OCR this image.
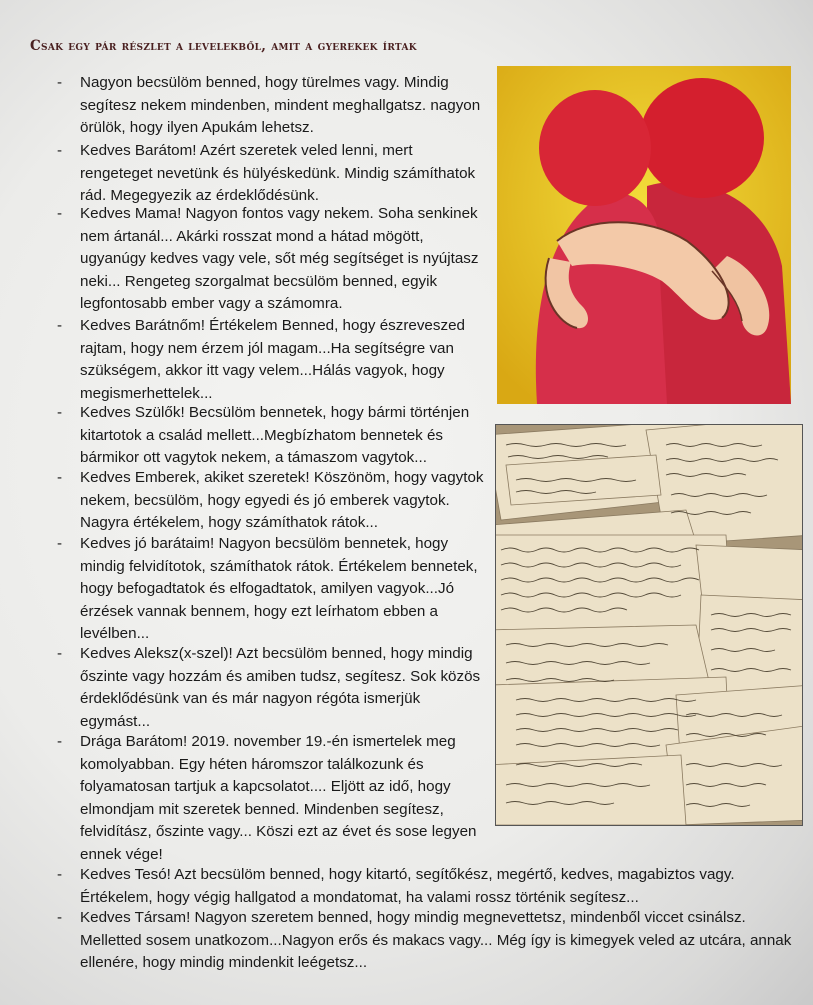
Csak egy pár részlet a levelekből, amit a gyerekek írtak
- Nagyon becsülöm benned, hogy türelmes vagy. Mindig segítesz nekem mindenben, mindent meghallgatsz. nagyon örülök, hogy ilyen Apukám lehetsz.
- Kedves Barátom! Azért szeretek veled lenni, mert rengeteget nevetünk és hülyéskedünk. Mindig számíthatok rád. Megegyezik az érdeklődésünk.
- Kedves Mama! Nagyon fontos vagy nekem. Soha senkinek nem ártanál... Akárki rosszat mond a hátad mögött, ugyanúgy kedves vagy vele, sőt még segítséget is nyújtasz neki... Rengeteg szorgalmat becsülöm benned, egyik legfontosabb ember vagy a számomra.
- Kedves Barátnőm! Értékelem Benned, hogy észreveszed rajtam, hogy nem érzem jól magam...Ha segítségre van szükségem, akkor itt vagy velem...Hálás vagyok, hogy megismerhettelek...
- Kedves Szülők! Becsülöm bennetek, hogy bármi történjen kitartotok a család mellett...Megbízhatom bennetek és bármikor ott vagytok nekem, a támaszom vagytok...
- Kedves Emberek, akiket szeretek! Köszönöm, hogy vagytok nekem, becsülöm, hogy egyedi és jó emberek vagytok. Nagyra értékelem, hogy számíthatok rátok...
- Kedves jó barátaim! Nagyon becsülöm bennetek, hogy mindig felvidítotok, számíthatok rátok. Értékelem bennetek, hogy befogadtatok és elfogadtatok, amilyen vagyok...Jó érzések vannak bennem, hogy ezt leírhatom ebben a levélben...
- Kedves Aleksz(x-szel)! Azt becsülöm benned, hogy mindig őszinte vagy hozzám és amiben tudsz, segítesz. Sok közös érdeklődésünk van és már nagyon régóta ismerjük egymást...
- Drága Barátom! 2019. november 19.-én ismertelek meg komolyabban. Egy héten háromszor találkozunk és folyamatosan tartjuk a kapcsolatot.... Eljött az idő, hogy elmondjam mit szeretek benned. Mindenben segítesz, felvidítász, őszinte vagy... Köszi ezt az évet és sose legyen ennek vége!
- Kedves Tesó! Azt becsülöm benned, hogy kitartó, segítőkész, megértő, kedves, magabiztos vagy. Értékelem, hogy végig hallgatod a mondatomat, ha valami rossz történik segítesz...
- Kedves Társam! Nagyon szeretem benned, hogy mindig megnevettetsz, mindenből viccet csinálsz. Melletted sosem unatkozom...Nagyon erős és makacs vagy... Még így is kimegyek veled az utcára, annak ellenére, hogy mindig mindenkit leégetsz...
